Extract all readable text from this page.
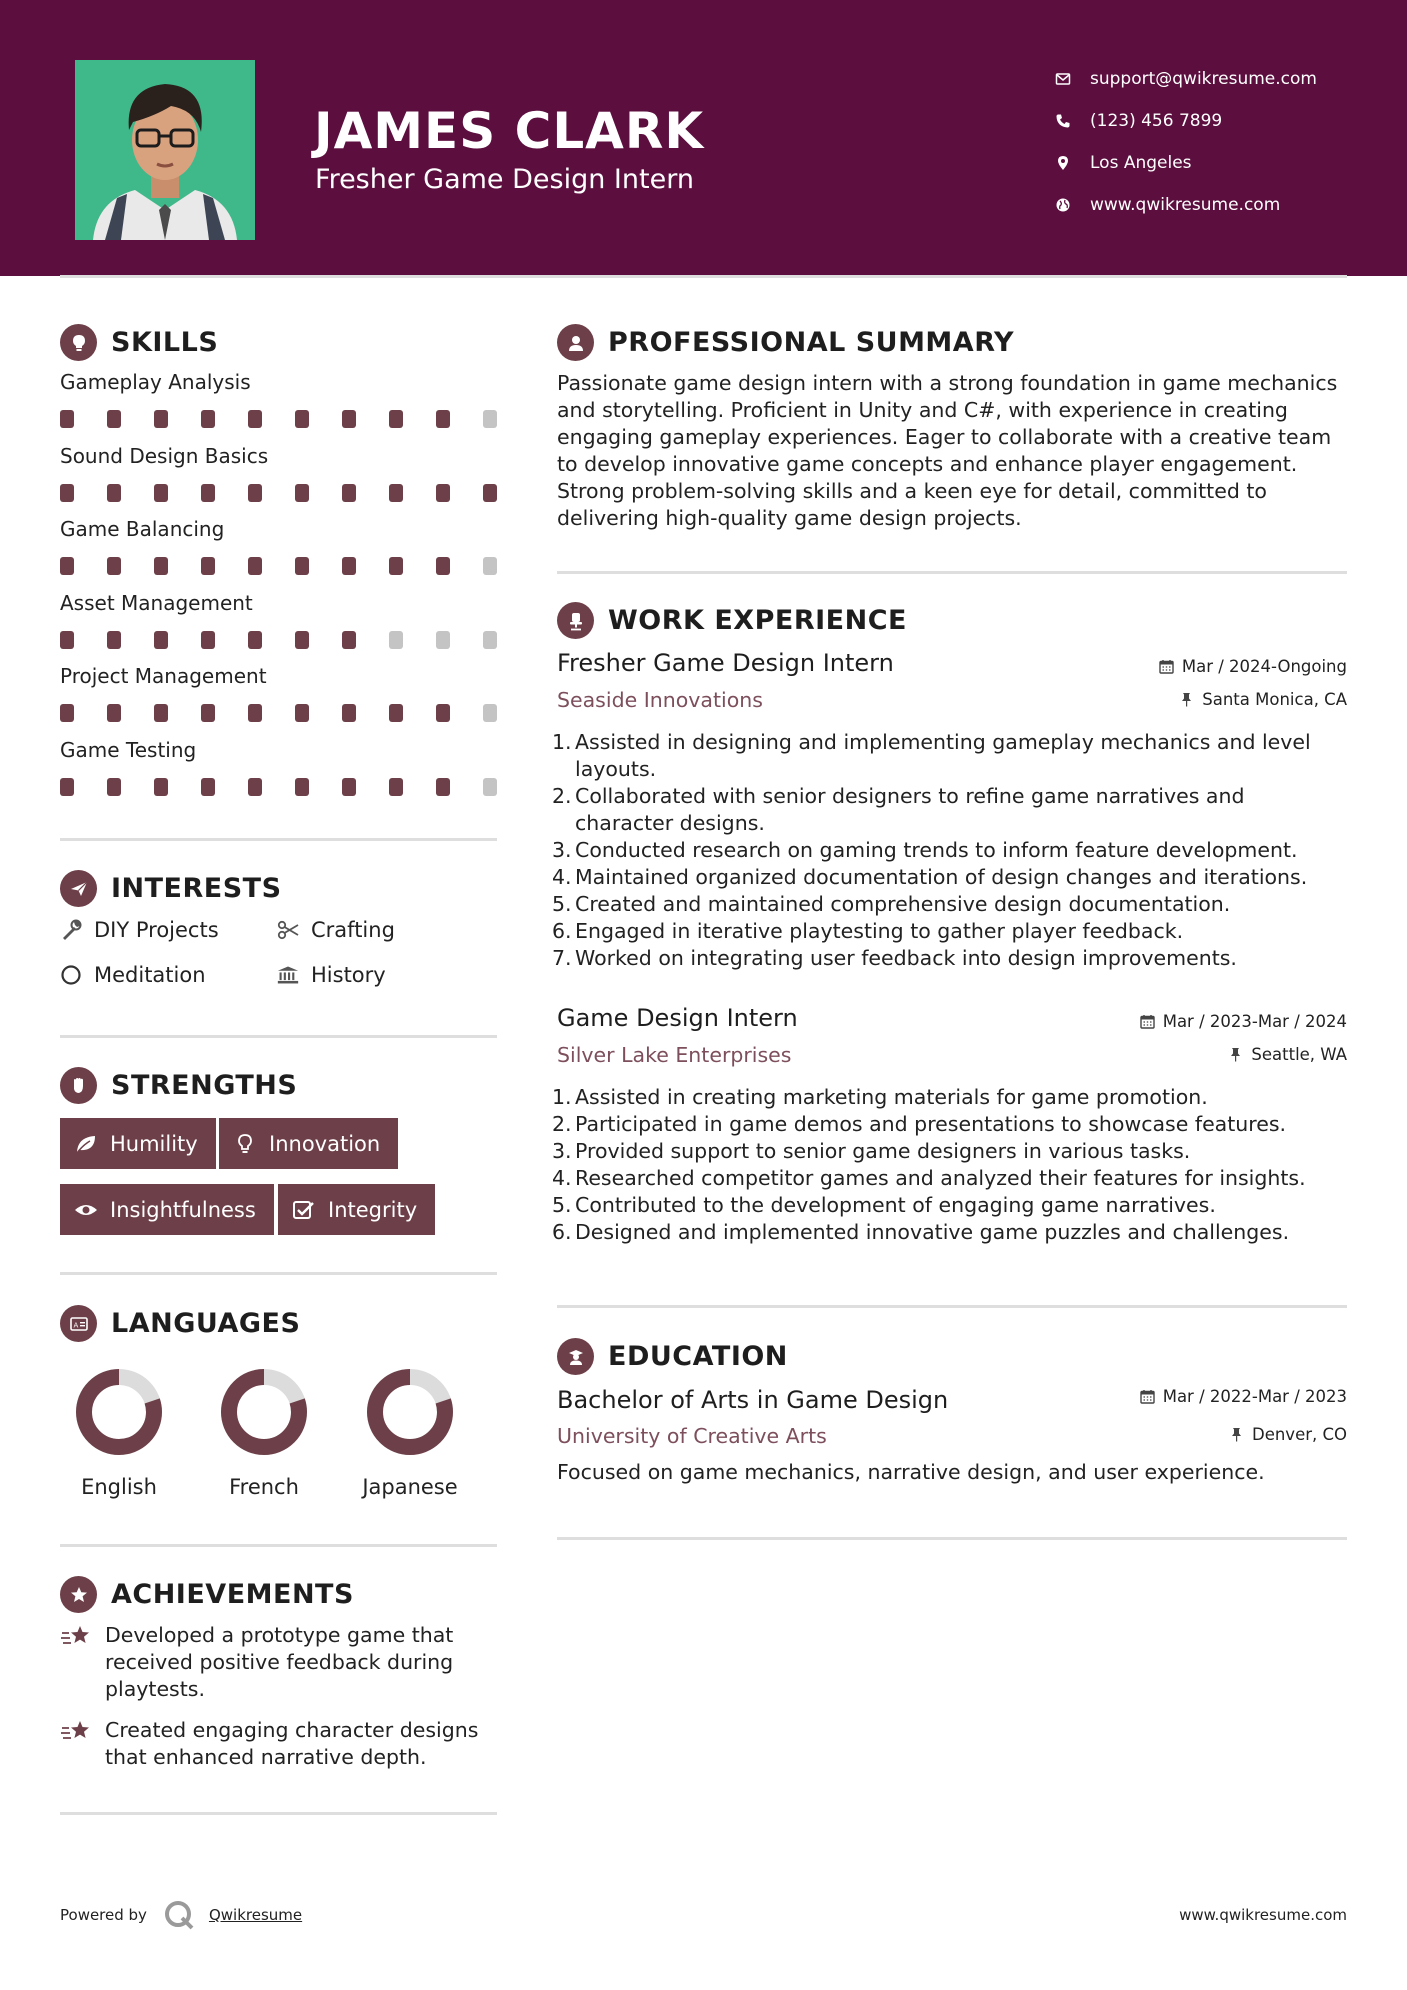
JAMES CLARK
Fresher Game Design Intern
support@qwikresume.com
(123) 456 7899
Los Angeles
www.qwikresume.com
SKILLS
Gameplay Analysis
Sound Design Basics
Game Balancing
Asset Management
Project Management
Game Testing
INTERESTS
DIY Projects	Crafting
Meditation	History
STRENGTHS
Humility	Innovation
Insightfulness	Integrity
A LANGUAGES
English	French	Japanese
ACHIEVEMENTS
Developed a prototype game that received positive feedback during playtests.
Created engaging character designs that enhanced narrative depth.
PROFESSIONAL SUMMARY
Passionate game design intern with a strong foundation in game mechanics and storytelling. Proficient in Unity and C#, with experience in creating engaging gameplay experiences. Eager to collaborate with a creative team to develop innovative game concepts and enhance player engagement. Strong problem-solving skills and a keen eye for detail, committed to delivering high-quality game design projects.
WORK EXPERIENCE
Fresher Game Design Intern	Mar / 2024-Ongoing
Seaside Innovations	Santa Monica, CA
1. Assisted in designing and implementing gameplay mechanics and level
layouts.
2. Collaborated with senior designers to refine game narratives and
character designs.
3. Conducted research on gaming trends to inform feature development.
4. Maintained organized documentation of design changes and iterations.
5. Created and maintained comprehensive design documentation.
6. Engaged in iterative playtesting to gather player feedback.
7. Worked on integrating user feedback into design improvements.
Game Design Intern	Mar / 2023-Mar / 2024
Silver Lake Enterprises	Seattle, WA
1. Assisted in creating marketing materials for game promotion.
2. Participated in game demos and presentations to showcase features.
3. Provided support to senior game designers in various tasks.
4. Researched competitor games and analyzed their features for insights.
5. Contributed to the development of engaging game narratives.
6. Designed and implemented innovative game puzzles and challenges.
EDUCATION
Bachelor of Arts in Game Design	Mar / 2022-Mar / 2023
University of Creative Arts	Denver, CO
Focused on game mechanics, narrative design, and user experience.
Powered by	Qwikresume	www.qwikresume.com
